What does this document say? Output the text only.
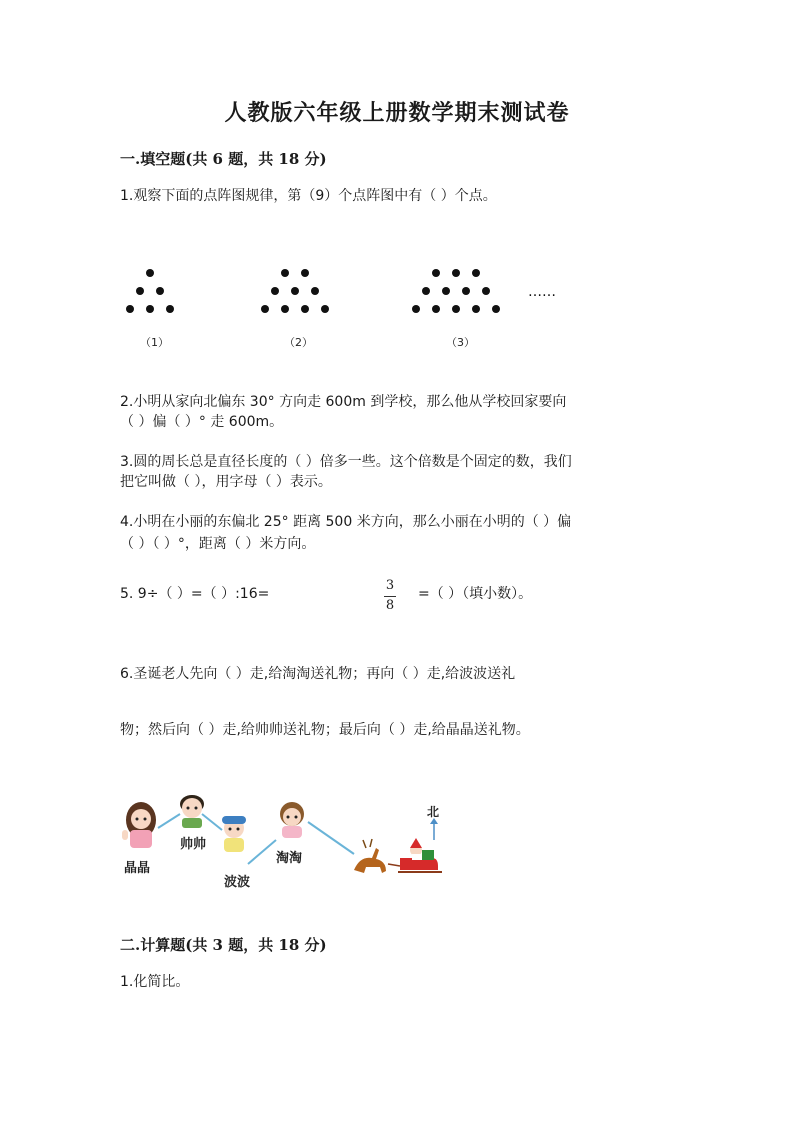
人教版六年级上册数学期末测试卷
一.填空题(共 6 题，共 18 分)
1.观察下面的点阵图规律，第（9）个点阵图中有（ ）个点。
……
（1）	（2）	（3）
2.小明从家向北偏东 30° 方向走 600m 到学校，那么他从学校回家要向
（ ）偏（ ）° 走 600m。
3.圆的周长总是直径长度的（ ）倍多一些。这个倍数是个固定的数，我们
把它叫做（ ），用字母（ ）表示。
4.小明在小丽的东偏北 25° 距离 500 米方向，那么小丽在小明的（ ）偏
（ ）（ ）°，距离（ ）米方向。
5. 9÷（ ）=（ ）:16=
3
8
=（ ）（填小数）。
6.圣诞老人先向（ ）走,给淘淘送礼物；再向（ ）走,给波波送礼
物；然后向（ ）走,给帅帅送礼物；最后向（ ）走,给晶晶送礼物。
晶晶
帅帅
波波
淘淘
北
二.计算题(共 3 题，共 18 分)
1.化简比。
